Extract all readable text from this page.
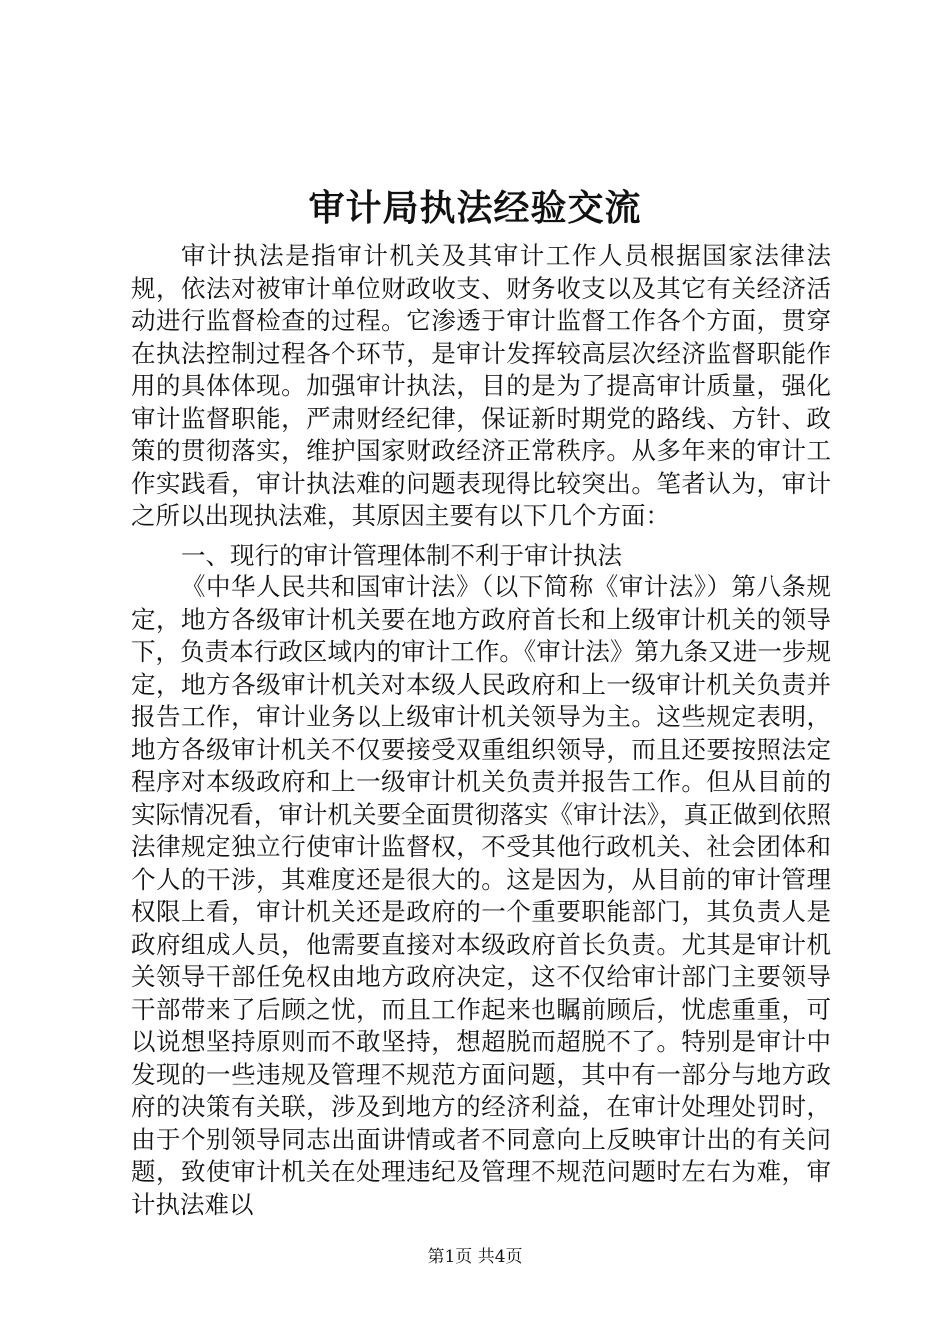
审计局执法经验交流

审计执法是指审计机关及其审计工作人员根据国家法律法规，依法对被审计单位财政收支、财务收支以及其它有关经济活动进行监督检查的过程。它渗透于审计监督工作各个方面，贯穿在执法控制过程各个环节，是审计发挥较高层次经济监督职能作用的具体体现。加强审计执法，目的是为了提高审计质量，强化审计监督职能，严肃财经纪律，保证新时期党的路线、方针、政策的贯彻落实，维护国家财政经济正常秩序。从多年来的审计工作实践看，审计执法难的问题表现得比较突出。笔者认为，审计之所以出现执法难，其原因主要有以下几个方面：

一、现行的审计管理体制不利于审计执法

《中华人民共和国审计法》（以下简称《审计法》）第八条规定，地方各级审计机关要在地方政府首长和上级审计机关的领导下，负责本行政区域内的审计工作。《审计法》第九条又进一步规定，地方各级审计机关对本级人民政府和上一级审计机关负责并报告工作，审计业务以上级审计机关领导为主。这些规定表明，地方各级审计机关不仅要接受双重组织领导，而且还要按照法定程序对本级政府和上一级审计机关负责并报告工作。但从目前的实际情况看，审计机关要全面贯彻落实《审计法》，真正做到依照法律规定独立行使审计监督权，不受其他行政机关、社会团体和个人的干涉，其难度还是很大的。这是因为，从目前的审计管理权限上看，审计机关还是政府的一个重要职能部门，其负责人是政府组成人员，他需要直接对本级政府首长负责。尤其是审计机关领导干部任免权由地方政府决定，这不仅给审计部门主要领导干部带来了后顾之忧，而且工作起来也瞩前顾后，忧虑重重，可以说想坚持原则而不敢坚持，想超脱而超脱不了。特别是审计中发现的一些违规及管理不规范方面问题，其中有一部分与地方政府的决策有关联，涉及到地方的经济利益，在审计处理处罚时，由于个别领导同志出面讲情或者不同意向上反映审计出的有关问题，致使审计机关在处理违纪及管理不规范问题时左右为难，审计执法难以

第1页 共4页
